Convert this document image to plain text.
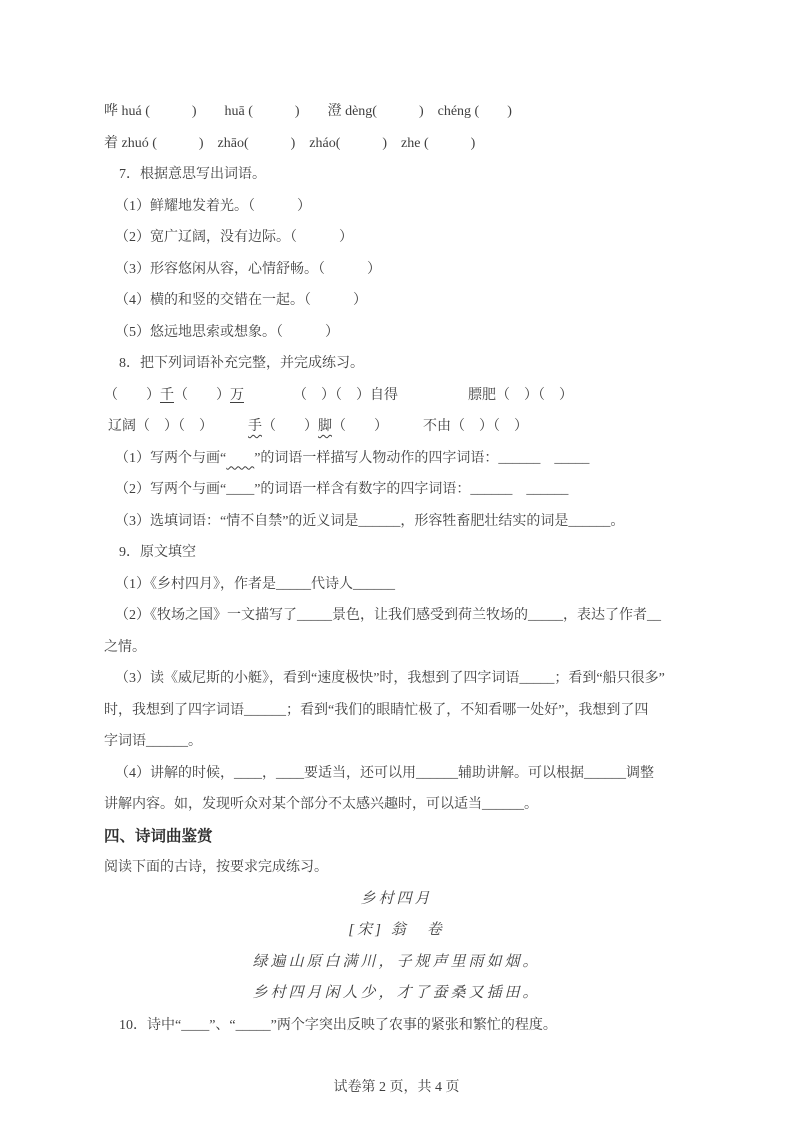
哗 huá (　　　)　　huā (　　　)　　澄 dèng(　　　)　chéng (　　)
着 zhuó (　　　)　zhāo(　　　)　zháo(　　　)　zhe (　　　)
7．根据意思写出词语。
（1）鲜耀地发着光。（　　　）
（2）宽广辽阔，没有边际。（　　　）
（3）形容悠闲从容，心情舒畅。（　　　）
（4）横的和竖的交错在一起。（　　　）
（5）悠远地思索或想象。（　　　）
8．把下列词语补充完整，并完成练习。
（　　）千（　　）万　　　　（　）（　）自得　　　　　膘肥（　）（　）
辽阔（　）（　）　　　手（　　）脚（　　）　　　不由（　）（　）
（1）写两个与画“　　 ”的词语一样描写人物动作的四字词语：______　_____
（2）写两个与画“____”的词语一样含有数字的四字词语：______　______
（3）选填词语：“情不自禁”的近义词是______，形容牲畜肥壮结实的词是______。
9．原文填空
（1）《乡村四月》，作者是_____代诗人______
（2）《牧场之国》一文描写了_____景色，让我们感受到荷兰牧场的_____，表达了作者__
之情。
（3）读《威尼斯的小艇》，看到“速度极快”时，我想到了四字词语_____；看到“船只很多”
时，我想到了四字词语______；看到“我们的眼睛忙极了，不知看哪一处好”，我想到了四
字词语______。
（4）讲解的时候，____，____要适当，还可以用______辅助讲解。可以根据______调整
讲解内容。如，发现听众对某个部分不太感兴趣时，可以适当______。
四、诗词曲鉴赏
阅读下面的古诗，按要求完成练习。
乡村四月
[宋] 翁　卷
绿遍山原白满川，子规声里雨如烟。
乡村四月闲人少，才了蚕桑又插田。
10．诗中“____”、“_____”两个字突出反映了农事的紧张和繁忙的程度。
试卷第 2 页，共 4 页
